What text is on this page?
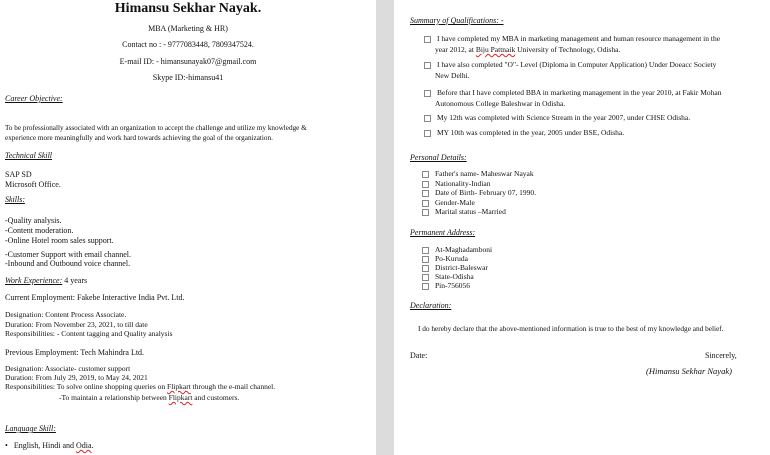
Himansu Sekhar Nayak.
MBA (Marketing & HR)
Contact no : - 9777083448, 7809347524.
E-mail ID: - himansunayak07@gmail.com
Skype ID:-himansu41
Career Objective:
To be professionally associated with an organization to accept the challenge and utilize my knowledge &
experience more meaningfully and work hard towards achieving the goal of the organization.
Technical Skill
SAP SD
Microsoft Office.
Skills:
-Quality analysis.
-Content moderation.
-Online Hotel room sales support.
-Customer Support with email channel.
-Inbound and Outbound voice channel.
Work Experience: 4 years
Current Employment: Fakebe Interactive India Pvt. Ltd.
Designation: Content Process Associate.
Duration: From November 23, 2021, to till date
Responsibilities: - Content tagging and Quality analysis
Previous Employment: Tech Mahindra Ltd.
Designation: Associate- customer support
Duration: From July 29, 2019, to May 24, 2021
Responsibilities: To solve online shopping queries on Flipkart through the e-mail channel.
-To maintain a relationship between Flipkart and customers.
Language Skill:
•   English, Hindi and Odia.
Summary of Qualifications: -
I have completed my MBA in marketing management and human resource management in the
year 2012, at Biju Pattnaik University of Technology, Odisha.
I have also completed "O"- Level (Diploma in Computer Application) Under Doeacc Society
New Delhi.
Before that I have completed BBA in marketing management in the year 2010, at Fakir Mohan
Autonomous College Baleshwar in Odisha.
My 12th was completed with Science Stream in the year 2007, under CHSE Odisha.
MY 10th was completed in the year, 2005 under BSE, Odisha.
Personal Details:
Father's name- Maheswar Nayak
Nationality-Indian
Date of Birth- February 07, 1990.
Gender-Male
Marital status –Married
Permanent Address:
At-Maghadamboni
Po-Kuruda
District-Baleswar
State-Odisha
Pin-756056
Declaration:
I do hereby declare that the above-mentioned information is true to the best of my knowledge and belief.
Date:	Sincerely,
(Himansu Sekhar Nayak)
